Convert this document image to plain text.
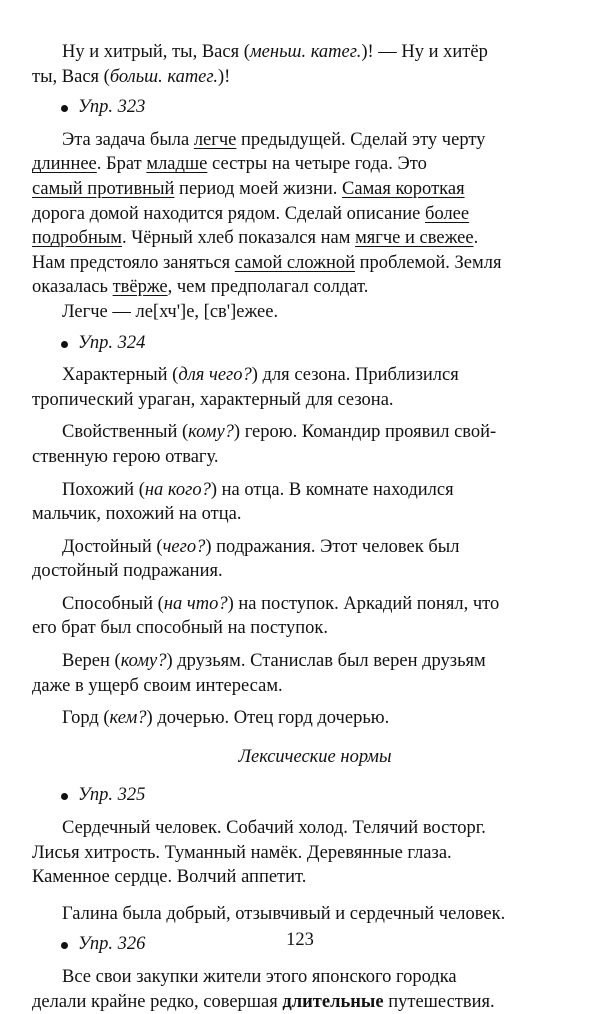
Ну и хитрый, ты, Вася (меньш. катег.)! — Ну и хитёр
ты, Вася (больш. катег.)!

Упр. 323
Эта задача была легче предыдущей. Сделай эту черту
длиннее. Брат младше сестры на четыре года. Это
самый противный период моей жизни. Самая короткая
дорога домой находится рядом. Сделай описание более
подробным. Чёрный хлеб показался нам мягче и свежее.
Нам предстояло заняться самой сложной проблемой. Земля
оказалась твёрже, чем предполагал солдат.
Легче — ле[хч']е, [св']ежее.
Упр. 324
Характерный (для чего?) для сезона. Приблизился
тропический ураган, характерный для сезона.
Свойственный (кому?) герою. Командир проявил свой-
ственную герою отвагу.
Похожий (на кого?) на отца. В комнате находился
мальчик, похожий на отца.
Достойный (чего?) подражания. Этот человек был
достойный подражания.
Способный (на что?) на поступок. Аркадий понял, что
его брат был способный на поступок.
Верен (кому?) друзьям. Станислав был верен друзьям
даже в ущерб своим интересам.
Горд (кем?) дочерью. Отец горд дочерью.
Лексические нормы
Упр. 325
Сердечный человек. Собачий холод. Телячий восторг.
Лисья хитрость. Туманный намёк. Деревянные глаза.
Каменное сердце. Волчий аппетит.
Галина была добрый, отзывчивый и сердечный человек.
Упр. 326
Все свои закупки жители этого японского городка
делали крайне редко, совершая длительные путешествия.
123
